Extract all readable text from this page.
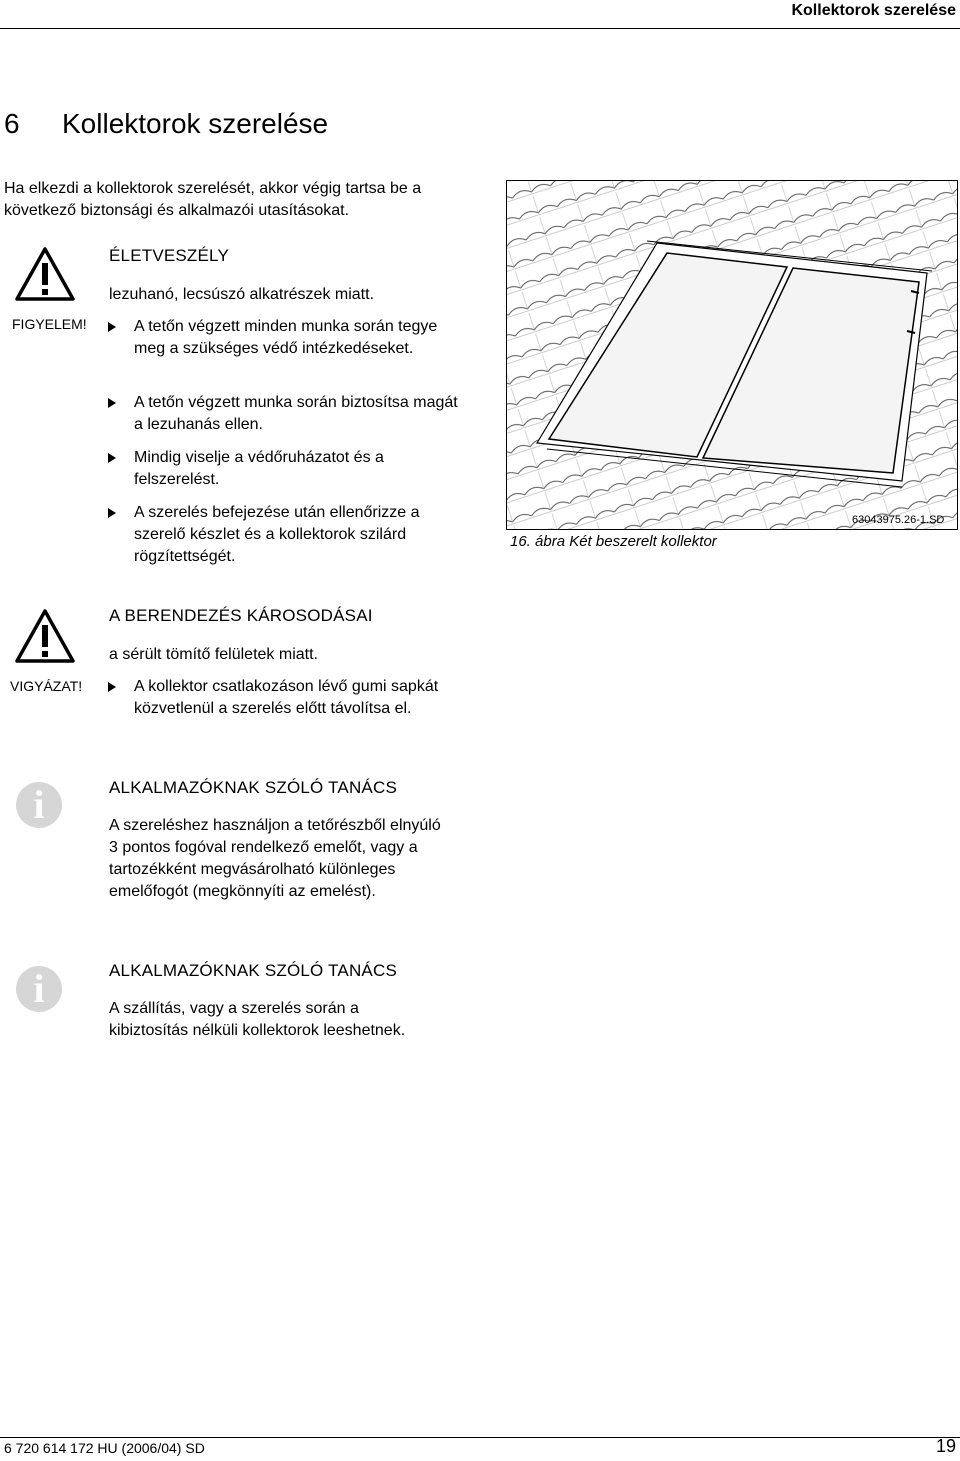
Kollektorok szerelése
6 Kollektorok szerelése
Ha elkezdi a kollektorok szerelését, akkor végig tartsa be a következő biztonsági és alkalmazói utasításokat.
FIGYELEM!
ÉLETVESZÉLY
lezuhanó, lecsúszó alkatrészek miatt.
A tetőn végzett minden munka során tegye meg a szükséges védő intézkedéseket.
A tetőn végzett munka során biztosítsa magát a lezuhanás ellen.
Mindig viselje a védőruházatot és a felszerelést.
A szerelés befejezése után ellenőrizze a szerelő készlet és a kollektorok szilárd rögzítettségét.
63043975.26-1.SD
16. ábra Két beszerelt kollektor
VIGYÁZAT!
A BERENDEZÉS KÁROSODÁSAI
a sérült tömítő felületek miatt.
A kollektor csatlakozáson lévő gumi sapkát közvetlenül a szerelés előtt távolítsa el.
i	ALKALMAZÓKNAK SZÓLÓ TANÁCS
A szereléshez használjon a tetőrészből elnyúló 3 pontos fogóval rendelkező emelőt, vagy a tartozékként megvásárolható különleges emelőfogót (megkönnyíti az emelést).
i	ALKALMAZÓKNAK SZÓLÓ TANÁCS
A szállítás, vagy a szerelés során a kibiztosítás nélküli kollektorok leeshetnek.
6 720 614 172 HU (2006/04) SD	19
